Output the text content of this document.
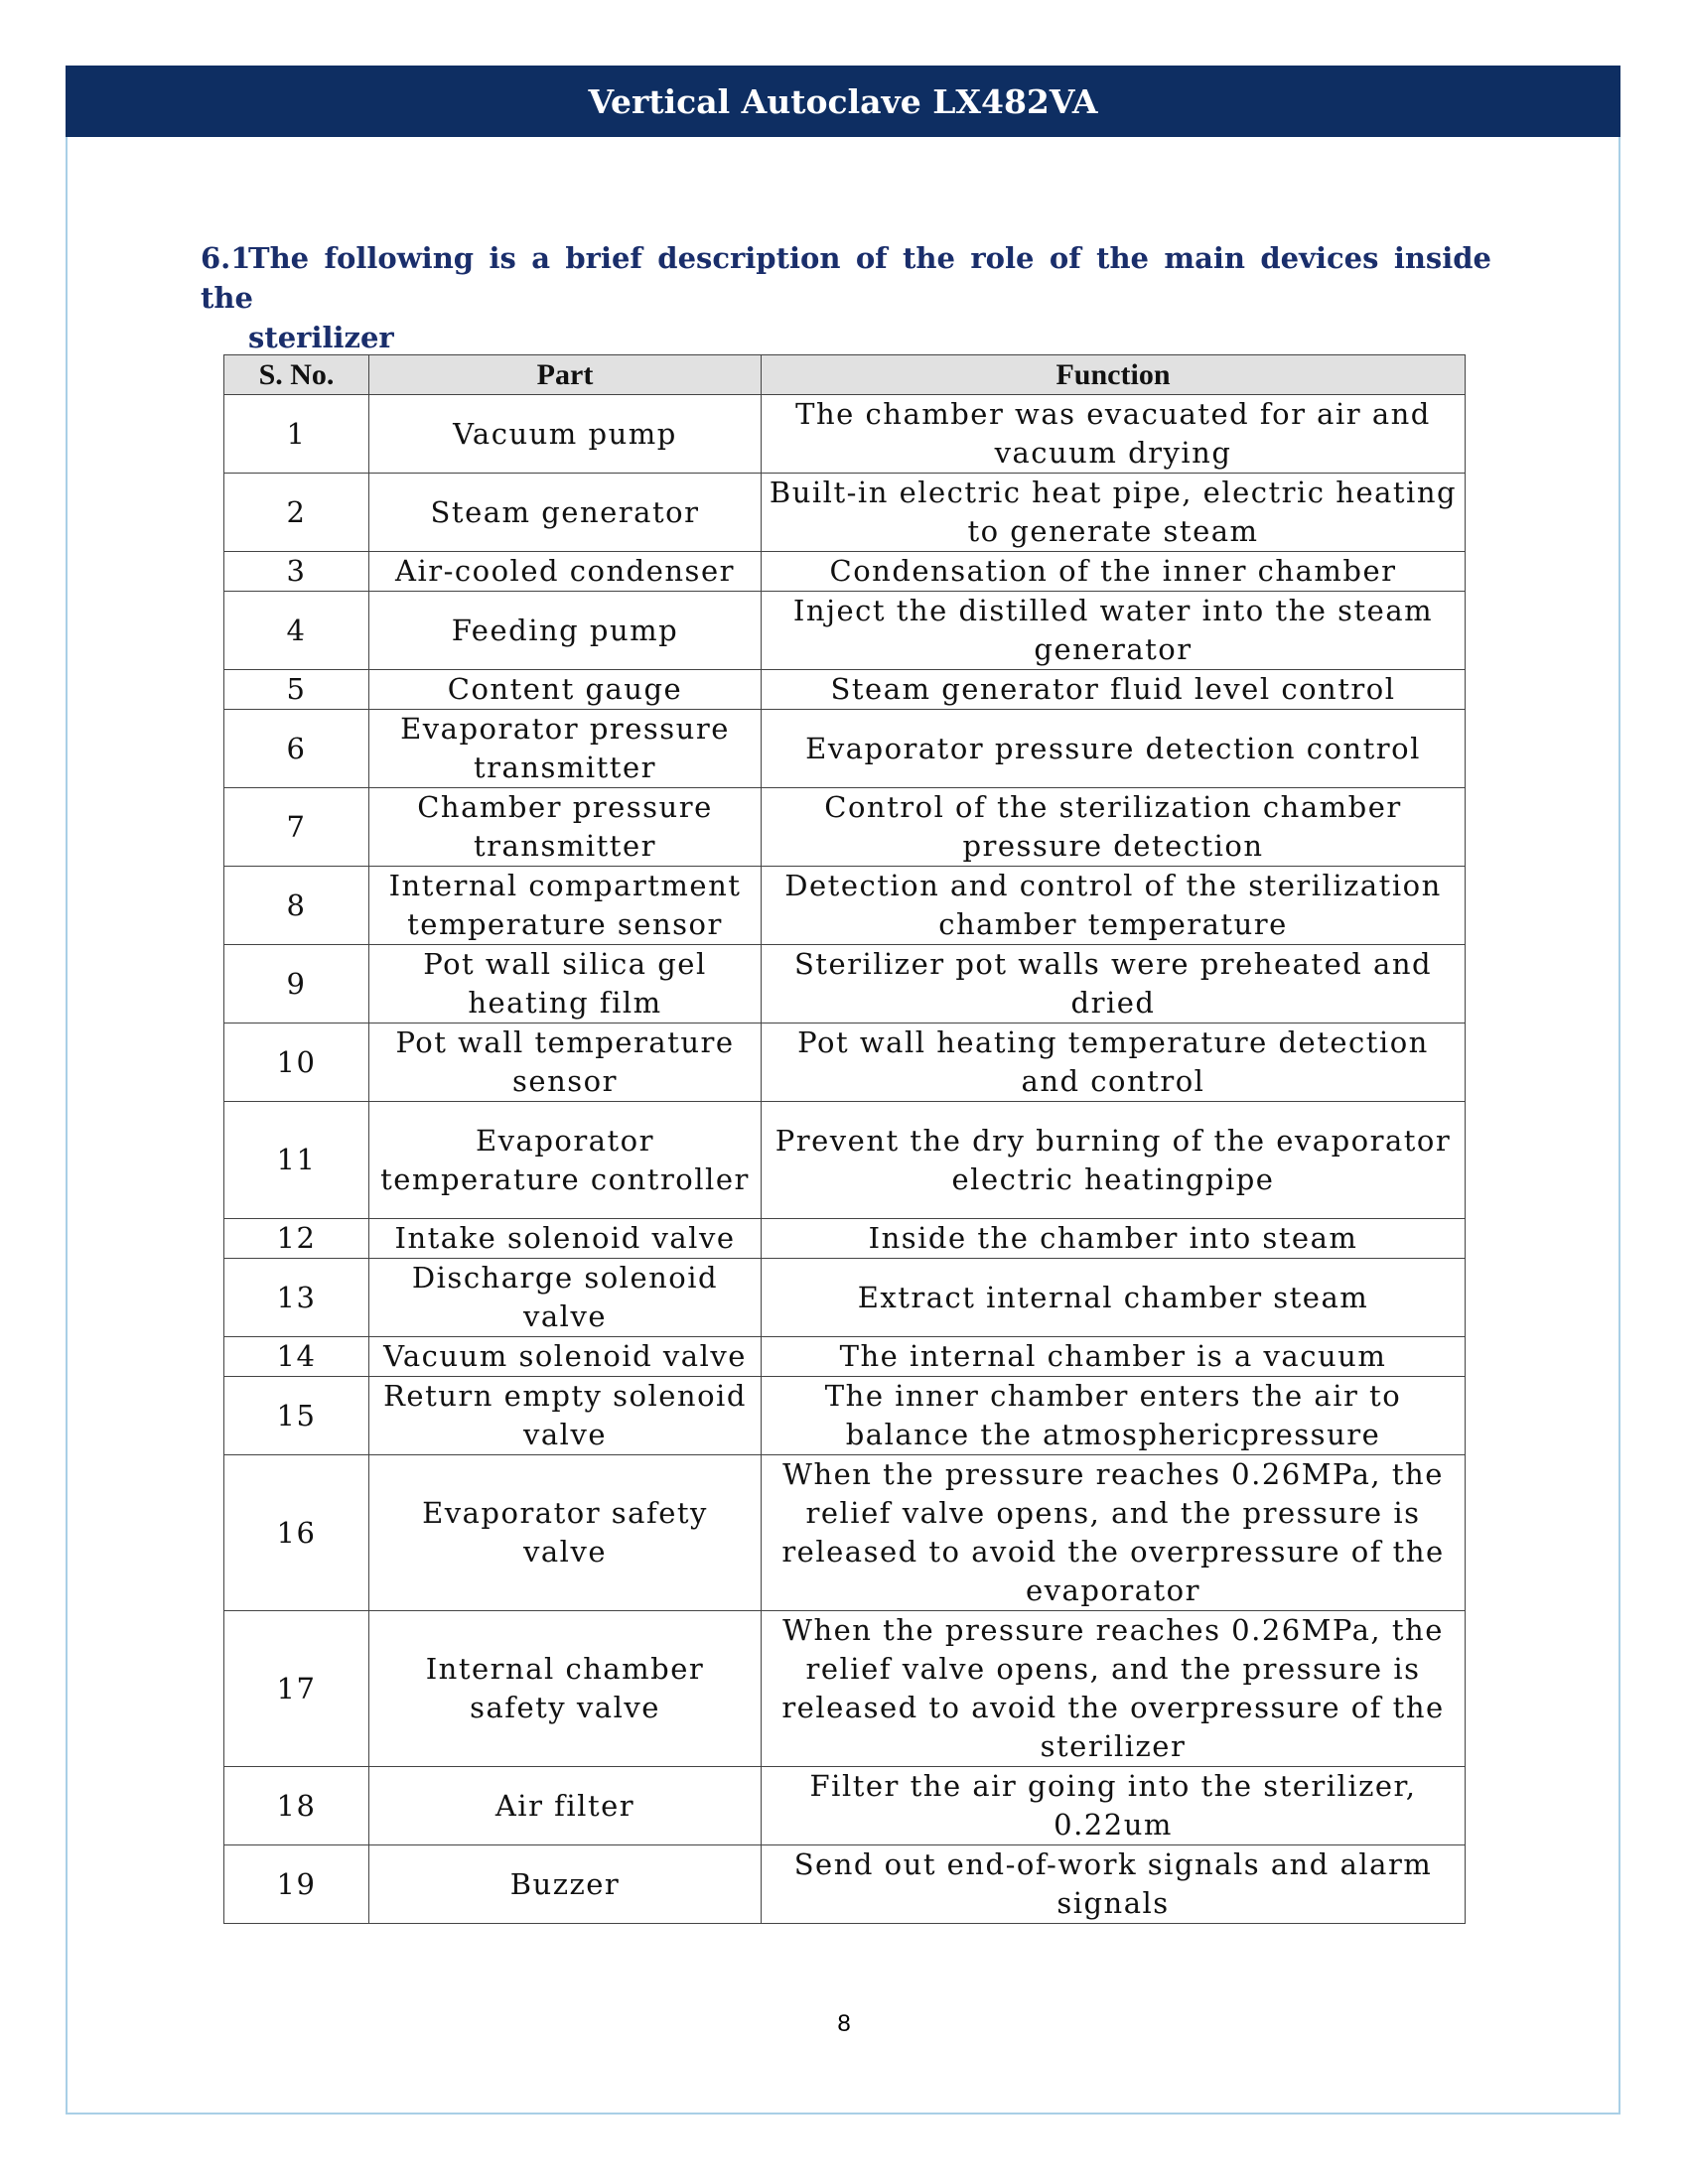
Vertical Autoclave LX482VA
6.1The following is a brief description of the role of the main devices inside the
sterilizer
S. No.	Part	Function
1	Vacuum pump	The chamber was evacuated for air and vacuum drying
2	Steam generator	Built-in electric heat pipe, electric heating to generate steam
3	Air-cooled condenser	Condensation of the inner chamber
4	Feeding pump	Inject the distilled water into the steam generator
5	Content gauge	Steam generator fluid level control
6	Evaporator pressure transmitter	Evaporator pressure detection control
7	Chamber pressure transmitter	Control of the sterilization chamber pressure detection
8	Internal compartment temperature sensor	Detection and control of the sterilization chamber temperature
9	Pot wall silica gel heating film	Sterilizer pot walls were preheated and dried
10	Pot wall temperature sensor	Pot wall heating temperature detection and control
11	Evaporator temperature controller	Prevent the dry burning of the evaporator electric heatingpipe
12	Intake solenoid valve	Inside the chamber into steam
13	Discharge solenoid valve	Extract internal chamber steam
14	Vacuum solenoid valve	The internal chamber is a vacuum
15	Return empty solenoid valve	The inner chamber enters the air to balance the atmosphericpressure
16	Evaporator safety valve	When the pressure reaches 0.26MPa, the relief valve opens, and the pressure is released to avoid the overpressure of the evaporator
17	Internal chamber safety valve	When the pressure reaches 0.26MPa, the relief valve opens, and the pressure is released to avoid the overpressure of the sterilizer
18	Air filter	Filter the air going into the sterilizer, 0.22um
19	Buzzer	Send out end-of-work signals and alarm signals
8
